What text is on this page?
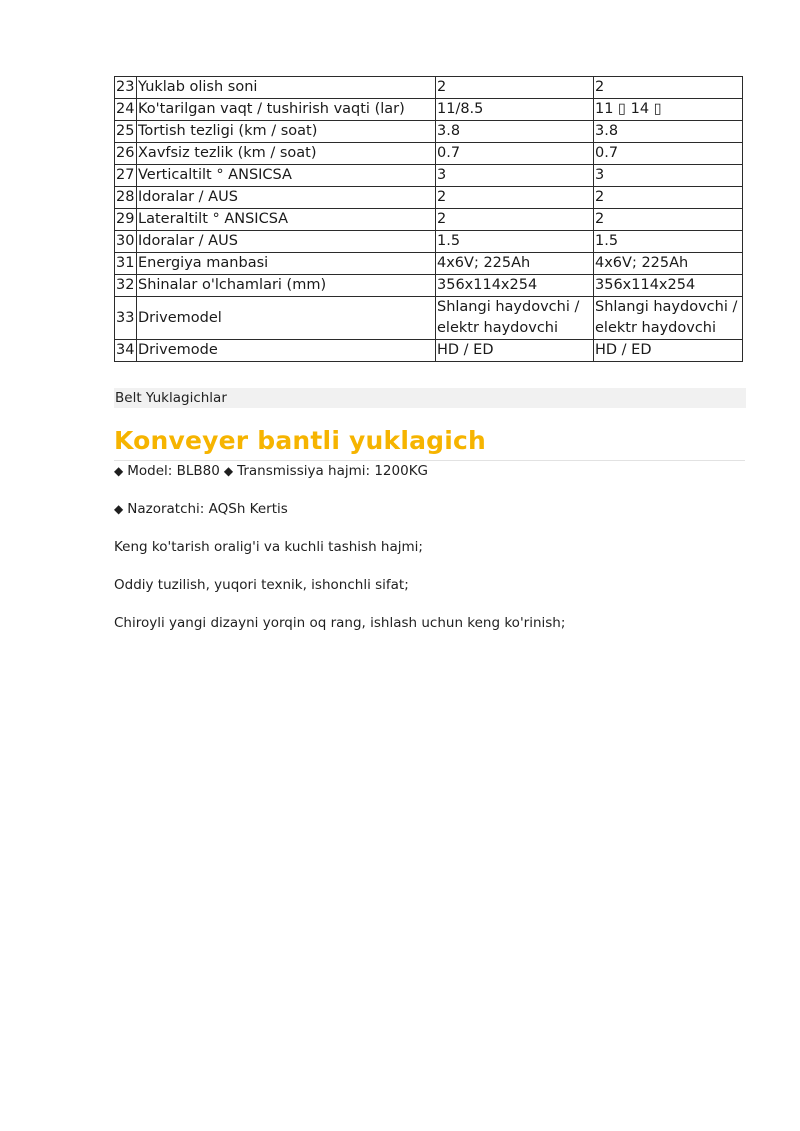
23	Yuklab olish soni	2	2
24	Ko'tarilgan vaqt / tushirish vaqti (lar)	11/8.5	11 ▯ 14 ▯
25	Tortish tezligi (km / soat)	3.8	3.8
26	Xavfsiz tezlik (km / soat)	0.7	0.7
27	Verticaltilt ° ANSICSA	3	3
28	Idoralar / AUS	2	2
29	Lateraltilt ° ANSICSA	2	2
30	Idoralar / AUS	1.5	1.5
31	Energiya manbasi	4x6V; 225Ah	4x6V; 225Ah
32	Shinalar o'lchamlari (mm)	356x114x254	356x114x254
33	Drivemodel	Shlangi haydovchi / elektr haydovchi	Shlangi haydovchi / elektr haydovchi
34	Drivemode	HD / ED	HD / ED
Belt Yuklagichlar
Konveyer bantli yuklagich
◆ Model: BLB80 ◆ Transmissiya hajmi: 1200KG
◆ Nazoratchi: AQSh Kertis
Keng ko'tarish oralig'i va kuchli tashish hajmi;
Oddiy tuzilish, yuqori texnik, ishonchli sifat;
Chiroyli yangi dizayni yorqin oq rang, ishlash uchun keng ko'rinish;
